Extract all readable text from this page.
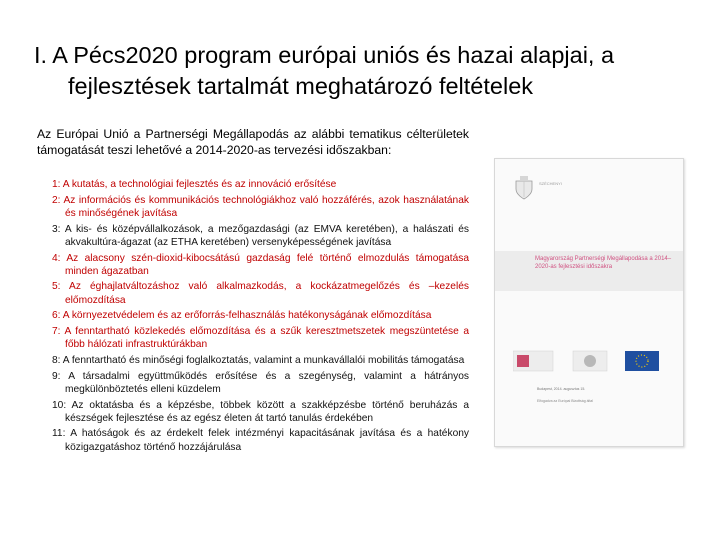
I. A Pécs2020 program európai uniós és hazai alapjai, a
fejlesztések tartalmát meghatározó feltételek
Az Európai Unió a Partnerségi Megállapodás az alábbi tematikus célterületek támogatását teszi lehetővé a 2014-2020-as tervezési időszakban:
1: A kutatás, a technológiai fejlesztés és az innováció erősítése
2: Az információs és kommunikációs technológiákhoz való hozzáférés, azok használatának és minőségének javítása
3: A kis- és középvállalkozások, a mezőgazdasági (az EMVA keretében), a halászati és akvakultúra-ágazat (az ETHA keretében) versenyképességének javítása
4: Az alacsony szén-dioxid-kibocsátású gazdaság felé történő elmozdulás támogatása minden ágazatban
5: Az éghajlatváltozáshoz való alkalmazkodás, a kockázatmegelőzés és –kezelés előmozdítása
6: A környezetvédelem és az erőforrás-felhasználás hatékonyságának előmozdítása
7: A fenntartható közlekedés előmozdítása és a szűk keresztmetszetek megszüntetése a főbb hálózati infrastruktúrákban
8: A fenntartható és minőségi foglalkoztatás, valamint a munkavállalói mobilitás támogatása
9: A társadalmi együttműködés erősítése és a szegénység, valamint a hátrányos megkülönböztetés elleni küzdelem
10: Az oktatásba és a képzésbe, többek között a szakképzésbe történő beruházás a készségek fejlesztése és az egész életen át tartó tanulás érdekében
11: A hatóságok és az érdekelt felek intézményi kapacitásának javítása és a hatékony közigazgatáshoz történő hozzájárulása
SZÉCHENYI
Magyarország Partnerségi Megállapodása a 2014–2020-as fejlesztési időszakra
Budapest, 2014. augusztus 15.
Elfogadva az Európai Bizottság által
